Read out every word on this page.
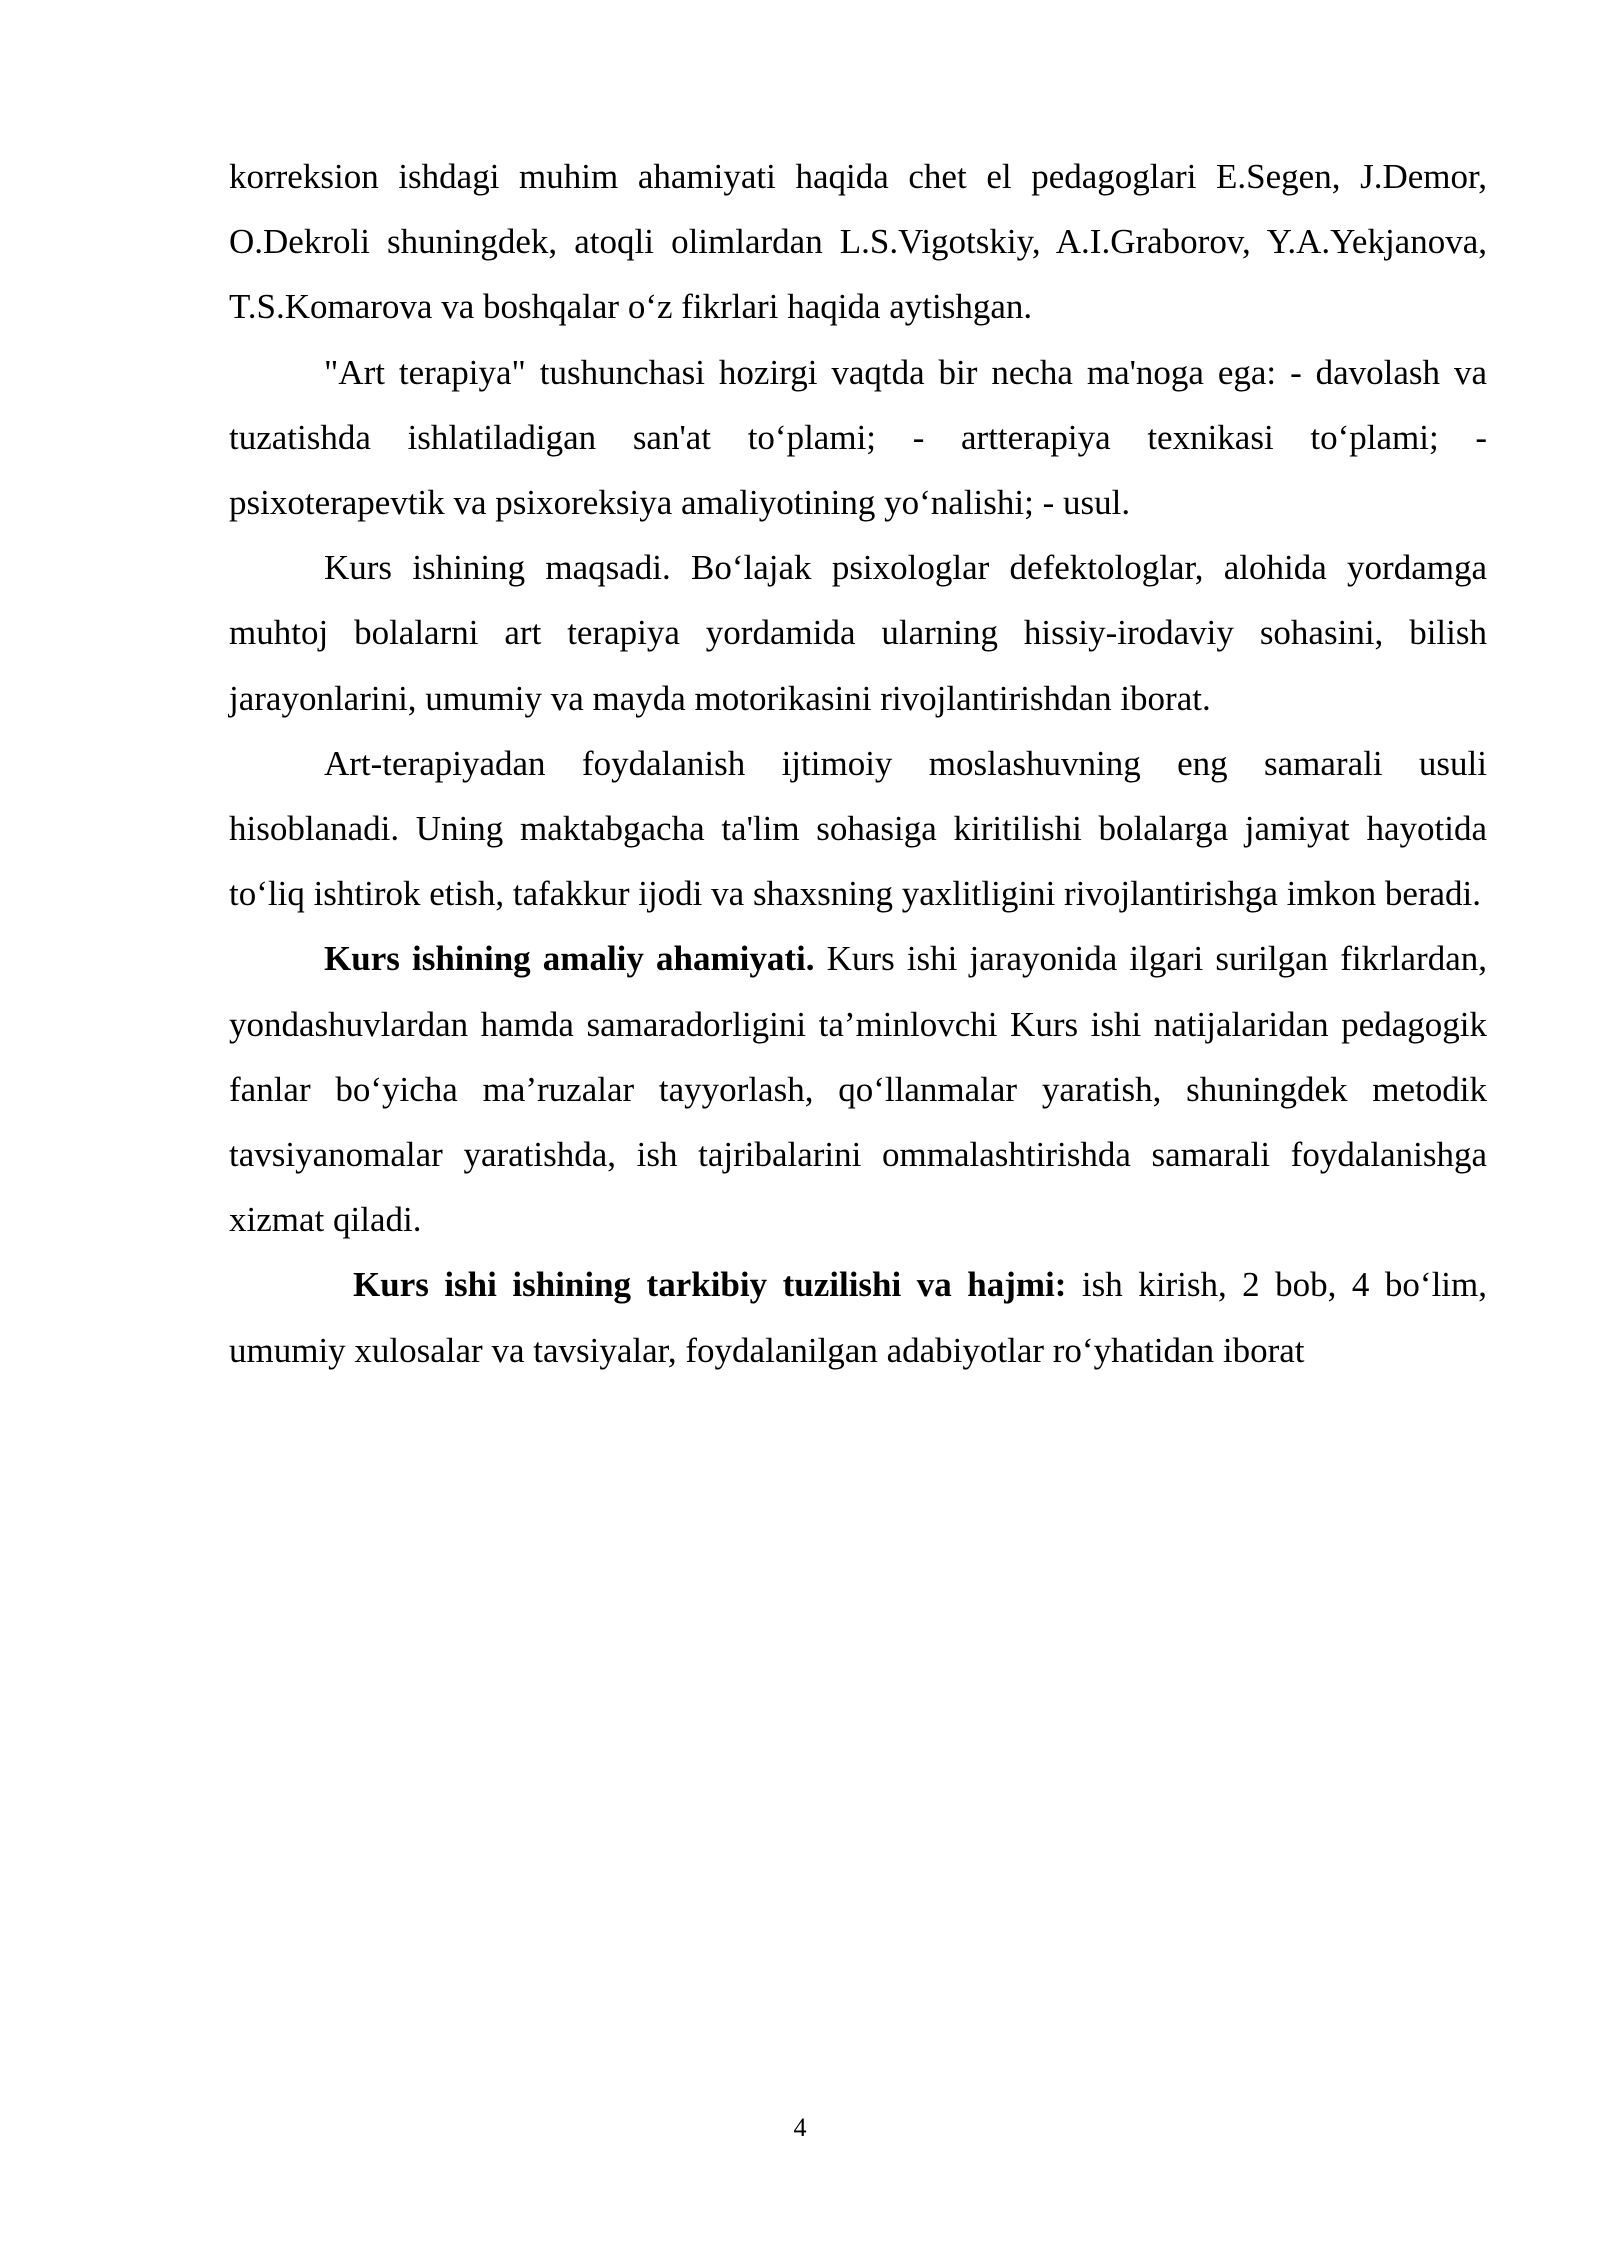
korreksion ishdagi muhim ahamiyati haqida chet el pedagoglari E.Segen, J.Demor, O.Dekroli shuningdek, atoqli olimlardan L.S.Vigotskiy, A.I.Graborov, Y.A.Yekjanova, T.S.Komarova va boshqalar o‘z fikrlari haqida aytishgan.

"Art terapiya" tushunchasi hozirgi vaqtda bir necha ma'noga ega: - davolash va tuzatishda ishlatiladigan san'at to‘plami; - artterapiya texnikasi to‘plami; - psixoterapevtik va psixoreksiya amaliyotining yo‘nalishi; - usul.

Kurs ishining maqsadi. Bo‘lajak psixologlar defektologlar, alohida yordamga muhtoj bolalarni art terapiya yordamida ularning hissiy-irodaviy sohasini, bilish jarayonlarini, umumiy va mayda motorikasini rivojlantirishdan iborat.

Art-terapiyadan foydalanish ijtimoiy moslashuvning eng samarali usuli hisoblanadi. Uning maktabgacha ta'lim sohasiga kiritilishi bolalarga jamiyat hayotida to‘liq ishtirok etish, tafakkur ijodi va shaxsning yaxlitligini rivojlantirishga imkon beradi.

Kurs ishining amaliy ahamiyati. Kurs ishi jarayonida ilgari surilgan fikrlardan, yondashuvlardan hamda samaradorligini ta’minlovchi Kurs ishi natijalaridan pedagogik fanlar bo‘yicha ma’ruzalar tayyorlash, qo‘llanmalar yaratish, shuningdek metodik tavsiyanomalar yaratishda, ish tajribalarini ommalashtirishda samarali foydalanishga xizmat qiladi.

Kurs ishi ishining tarkibiy tuzilishi va hajmi: ish kirish, 2 bob, 4 bo‘lim, umumiy xulosalar va tavsiyalar, foydalanilgan adabiyotlar ro‘yhatidan iborat

4
